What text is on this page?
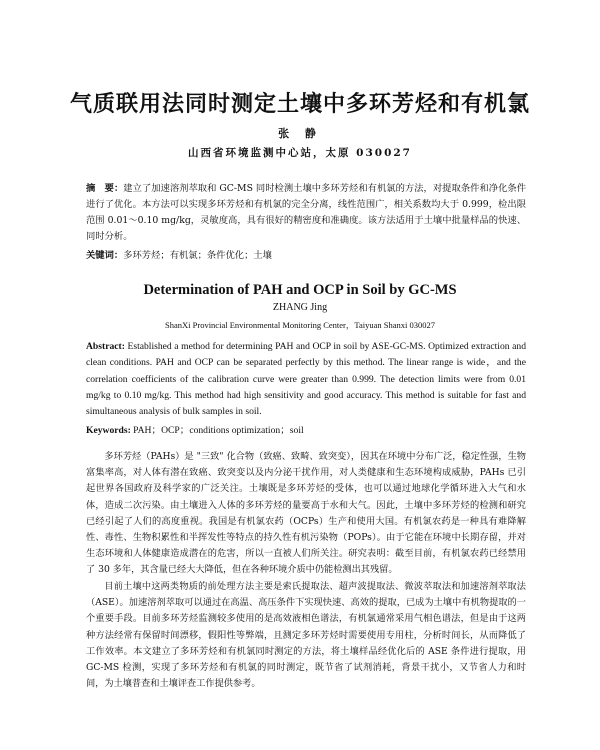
气质联用法同时测定土壤中多环芳烃和有机氯
张 静
山西省环境监测中心站，太原 030027
摘　要：建立了加速溶剂萃取和 GC-MS 同时检测土壤中多环芳烃和有机氯的方法，对提取条件和净化条件进行了优化。本方法可以实现多环芳烃和有机氯的完全分离，线性范围广，相关系数均大于 0.999，检出限范围 0.01～0.10 mg/kg，灵敏度高，具有很好的精密度和准确度。该方法适用于土壤中批量样品的快速、同时分析。
关键词：多环芳烃；有机氯；条件优化；土壤
Determination of PAH and OCP in Soil by GC-MS
ZHANG Jing
ShanXi Provincial Environmental Monitoring Center，Taiyuan Shanxi 030027
Abstract: Established a method for determining PAH and OCP in soil by ASE-GC-MS. Optimized extraction and clean conditions. PAH and OCP can be separated perfectly by this method. The linear range is wide，and the correlation coefficients of the calibration curve were greater than 0.999. The detection limits were from 0.01 mg/kg to 0.10 mg/kg. This method had high sensitivity and good accuracy. This method is suitable for fast and simultaneous analysis of bulk samples in soil.
Keywords: PAH；OCP；conditions optimization；soil
多环芳烃（PAHs）是 "三致" 化合物（致癌、致畸、致突变），因其在环境中分布广泛，稳定性强，生物富集率高，对人体有潜在致癌、致突变以及内分泌干扰作用，对人类健康和生态环境构成威胁，PAHs 已引起世界各国政府及科学家的广泛关注。土壤既是多环芳烃的受体，也可以通过地球化学循环进入大气和水体，造成二次污染。由土壤进入人体的多环芳烃的量要高于水和大气。因此，土壤中多环芳烃的检测和研究已经引起了人们的高度重视。我国是有机氯农药（OCPs）生产和使用大国。有机氯农药是一种具有难降解性、毒性、生物积累性和半挥发性等特点的持久性有机污染物（POPs）。由于它能在环境中长期存留，并对生态环境和人体健康造成潜在的危害，所以一直被人们所关注。研究表明：截至目前，有机氯农药已经禁用了 30 多年，其含量已经大大降低，但在各种环境介质中仍能检测出其残留。
目前土壤中这两类物质的前处理方法主要是索氏提取法、超声波提取法、微波萃取法和加速溶剂萃取法（ASE）。加速溶剂萃取可以通过在高温、高压条件下实现快速、高效的提取，已成为土壤中有机物提取的一个重要手段。目前多环芳烃监测较多使用的是高效液相色谱法，有机氯通常采用气相色谱法，但是由于这两种方法经常有保留时间漂移，假阳性等弊端，且测定多环芳烃时需要使用专用柱，分析时间长，从而降低了工作效率。本文建立了多环芳烃和有机氯同时测定的方法，将土壤样品经优化后的 ASE 条件进行提取，用 GC-MS 检测，实现了多环芳烃和有机氯的同时测定，既节省了试剂消耗，背景干扰小，又节省人力和时间，为土壤普查和土壤评查工作提供参考。
